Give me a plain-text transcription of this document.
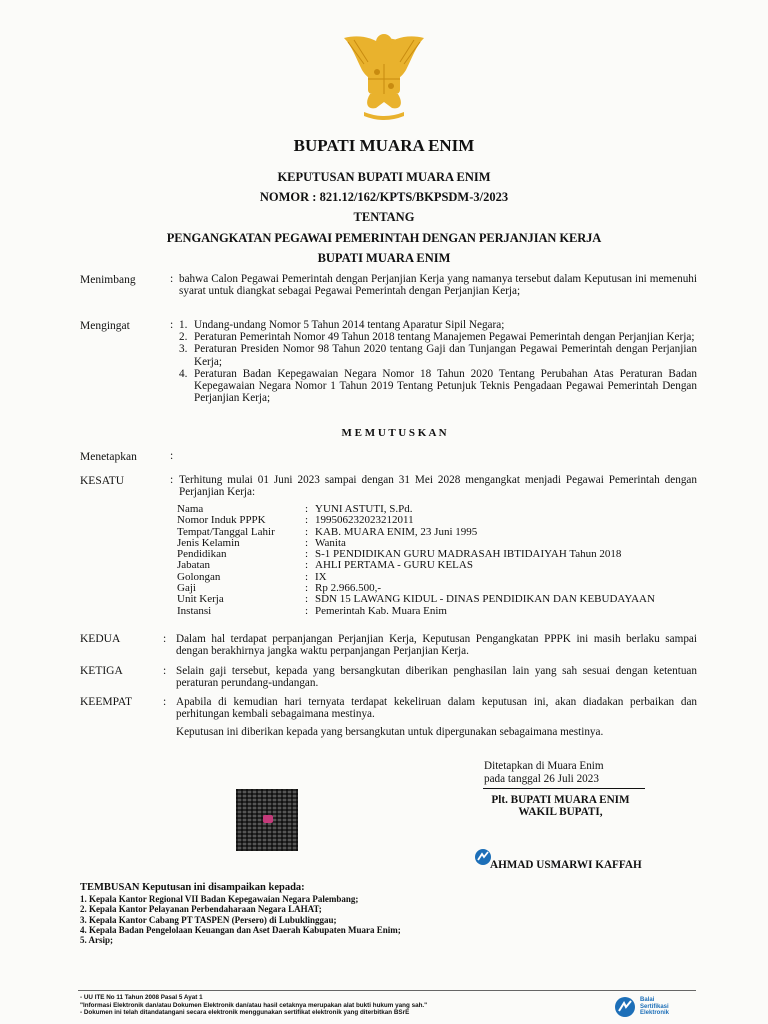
BUPATI MUARA ENIM
KEPUTUSAN BUPATI MUARA ENIM
NOMOR : 821.12/162/KPTS/BKPSDM-3/2023
TENTANG
PENGANGKATAN PEGAWAI PEMERINTAH DENGAN PERJANJIAN KERJA
BUPATI MUARA ENIM
Menimbang	: bahwa Calon Pegawai Pemerintah dengan Perjanjian Kerja yang namanya tersebut dalam Keputusan ini memenuhi syarat untuk diangkat sebagai Pegawai Pemerintah dengan Perjanjian Kerja;
Mengingat	: 1. Undang-undang Nomor 5 Tahun 2014 tentang Aparatur Sipil Negara;
2. Peraturan Pemerintah Nomor 49 Tahun 2018 tentang Manajemen Pegawai Pemerintah dengan Perjanjian Kerja;
3. Peraturan Presiden Nomor 98 Tahun 2020 tentang Gaji dan Tunjangan Pegawai Pemerintah dengan Perjanjian Kerja;
4. Peraturan Badan Kepegawaian Negara Nomor 18 Tahun 2020 Tentang Perubahan Atas Peraturan Badan Kepegawaian Negara Nomor 1 Tahun 2019 Tentang Petunjuk Teknis Pengadaan Pegawai Pemerintah Dengan Perjanjian Kerja;
M E M U T U S K A N
Menetapkan	:
KESATU	: Terhitung mulai 01 Juni 2023 sampai dengan 31 Mei 2028 mengangkat menjadi Pegawai Pemerintah dengan Perjanjian Kerja:
Nama	:	YUNI ASTUTI, S.Pd.
Nomor Induk PPPK	:	199506232023212011
Tempat/Tanggal Lahir	:	KAB. MUARA ENIM, 23 Juni 1995
Jenis Kelamin	:	Wanita
Pendidikan	:	S-1 PENDIDIKAN GURU MADRASAH IBTIDAIYAH Tahun 2018
Jabatan	:	AHLI PERTAMA - GURU KELAS
Golongan	:	IX
Gaji	:	Rp 2.966.500,-
Unit Kerja	:	SDN 15 LAWANG KIDUL - DINAS PENDIDIKAN DAN KEBUDAYAAN
Instansi	:	Pemerintah Kab. Muara Enim
KEDUA	: Dalam hal terdapat perpanjangan Perjanjian Kerja, Keputusan Pengangkatan PPPK ini masih berlaku sampai dengan berakhirnya jangka waktu perpanjangan Perjanjian Kerja.
KETIGA	: Selain gaji tersebut, kepada yang bersangkutan diberikan penghasilan lain yang sah sesuai dengan ketentuan peraturan perundang-undangan.
KEEMPAT	: Apabila di kemudian hari ternyata terdapat kekeliruan dalam keputusan ini, akan diadakan perbaikan dan perhitungan kembali sebagaimana mestinya.
Keputusan ini diberikan kepada yang bersangkutan untuk dipergunakan sebagaimana mestinya.
Ditetapkan di Muara Enim
pada tanggal 26 Juli 2023
Plt. BUPATI MUARA ENIM
WAKIL BUPATI,
AHMAD USMARWI KAFFAH
TEMBUSAN Keputusan ini disampaikan kepada:
1. Kepala Kantor Regional VII Badan Kepegawaian Negara Palembang;
2. Kepala Kantor Pelayanan Perbendaharaan Negara LAHAT;
3. Kepala Kantor Cabang PT TASPEN (Persero) di Lubuklinggau;
4. Kepala Badan Pengelolaan Keuangan dan Aset Daerah Kabupaten Muara Enim;
5. Arsip;
- UU ITE No 11 Tahun 2008 Pasal 5 Ayat 1
"Informasi Elektronik dan/atau Dokumen Elektronik dan/atau hasil cetaknya merupakan alat bukti hukum yang sah."
- Dokumen ini telah ditandatangani secara elektronik menggunakan sertifikat elektronik yang diterbitkan BSrE
Balai
Sertifikasi
Elektronik
